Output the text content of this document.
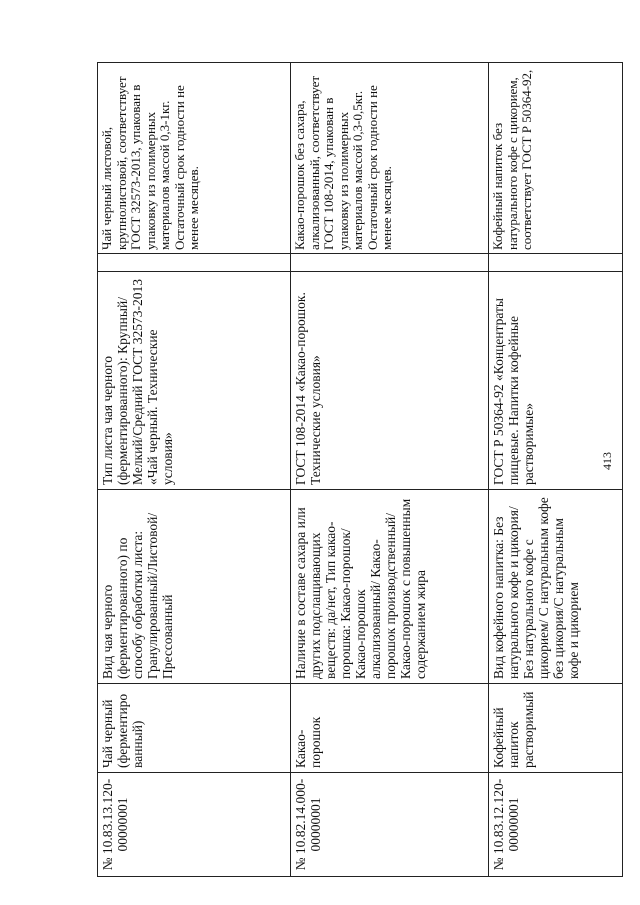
№ 10.83.13.120-00000001	Чай черный (ферментированный)	Вид чая черного (ферментированного) по способу обработки листа: Гранулированный/Листовой/ Прессованный	Тип листа чая черного (ферментированного): Крупный/Мелкий/Средний ГОСТ 32573-2013 «Чай черный. Технические условия»		Чай черный листовой, крупнолистовой, соответствует ГОСТ 32573-2013, упакован в упаковку из полимерных материалов массой 0,3-1кг. Остаточный срок годности не менее месяцев.
№ 10.82.14.000-00000001	Какао-порошок	Наличие в составе сахара или других подслащивающих веществ: да/нет, Тип какао-порошка: Какао-порошок/ Какао-порошок алкализованный/ Какао-порошок производственный/Какао-порошок с повышенным содержанием жира	ГОСТ 108-2014 «Какао-порошок. Технические условия»		Какао-порошок без сахара, алкализованный, соответствует ГОСТ 108-2014, упакован в упаковку из полимерных материалов массой 0,3-0,5кг. Остаточный срок годности не менее месяцев.
№ 10.83.12.120-00000001	Кофейный напиток растворимый	Вид кофейного напитка: Без натурального кофе и цикория/ Без натурального кофе с цикорием/ С натуральным кофе без цикория/С натуральным кофе и цикорием	ГОСТ Р 50364-92 «Концентраты пищевые. Напитки кофейные растворимые»		Кофейный напиток без натурального кофе с цикорием, соответствует ГОСТ Р 50364-92,
413
